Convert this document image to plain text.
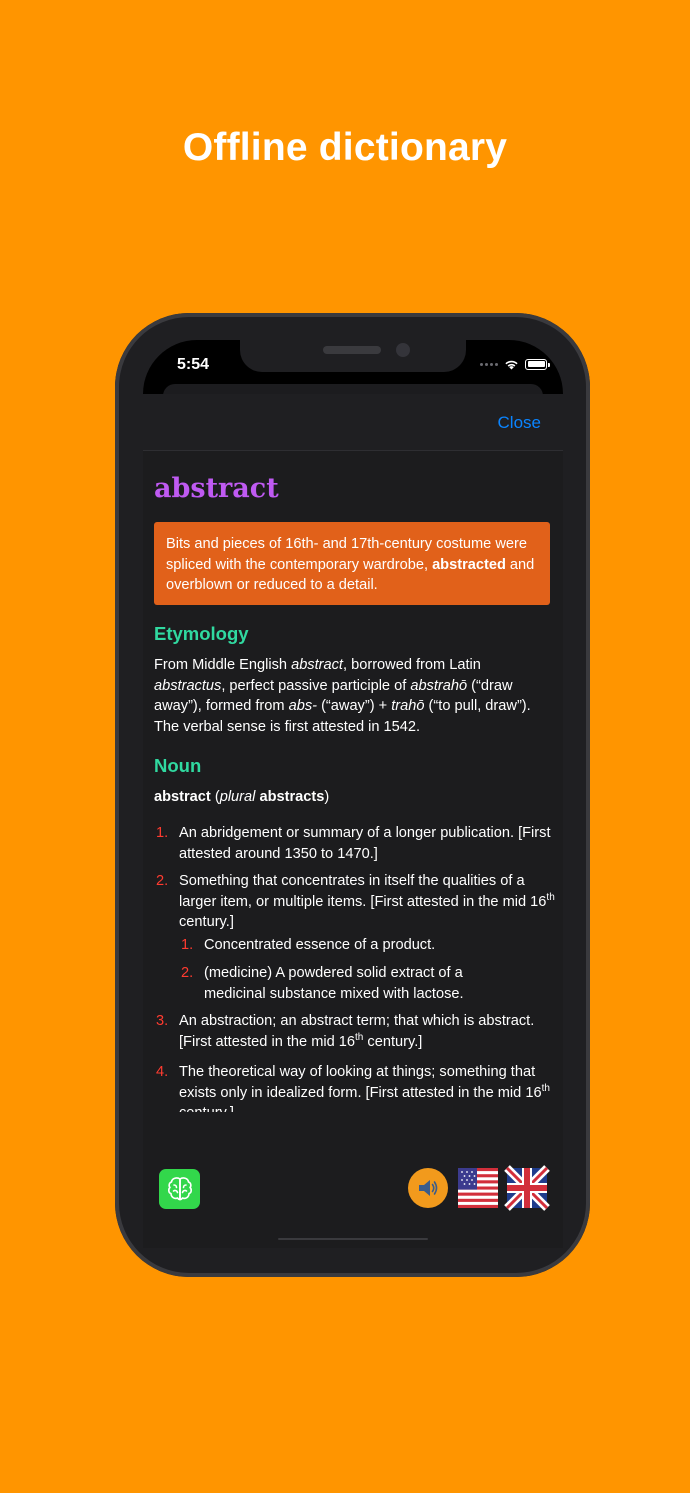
Offline dictionary
5:54
Close
abstract
Bits and pieces of 16th- and 17th-century costume were spliced with the contemporary wardrobe, abstracted and overblown or reduced to a detail.
Etymology
From Middle English abstract, borrowed from Latin abstractus, perfect passive participle of abstrahō (“draw away”), formed from abs- (“away”) + trahō (“to pull, draw”). The verbal sense is first attested in 1542.
Noun
abstract (plural abstracts)
1. An abridgement or summary of a longer publication. [First attested around 1350 to 1470.]
2. Something that concentrates in itself the qualities of a larger item, or multiple items. [First attested in the mid 16th century.]
1. Concentrated essence of a product.
2. (medicine) A powdered solid extract of a medicinal substance mixed with lactose.
3. An abstraction; an abstract term; that which is abstract. [First attested in the mid 16th century.]
4. The theoretical way of looking at things; something that exists only in idealized form. [First attested in the mid 16th
